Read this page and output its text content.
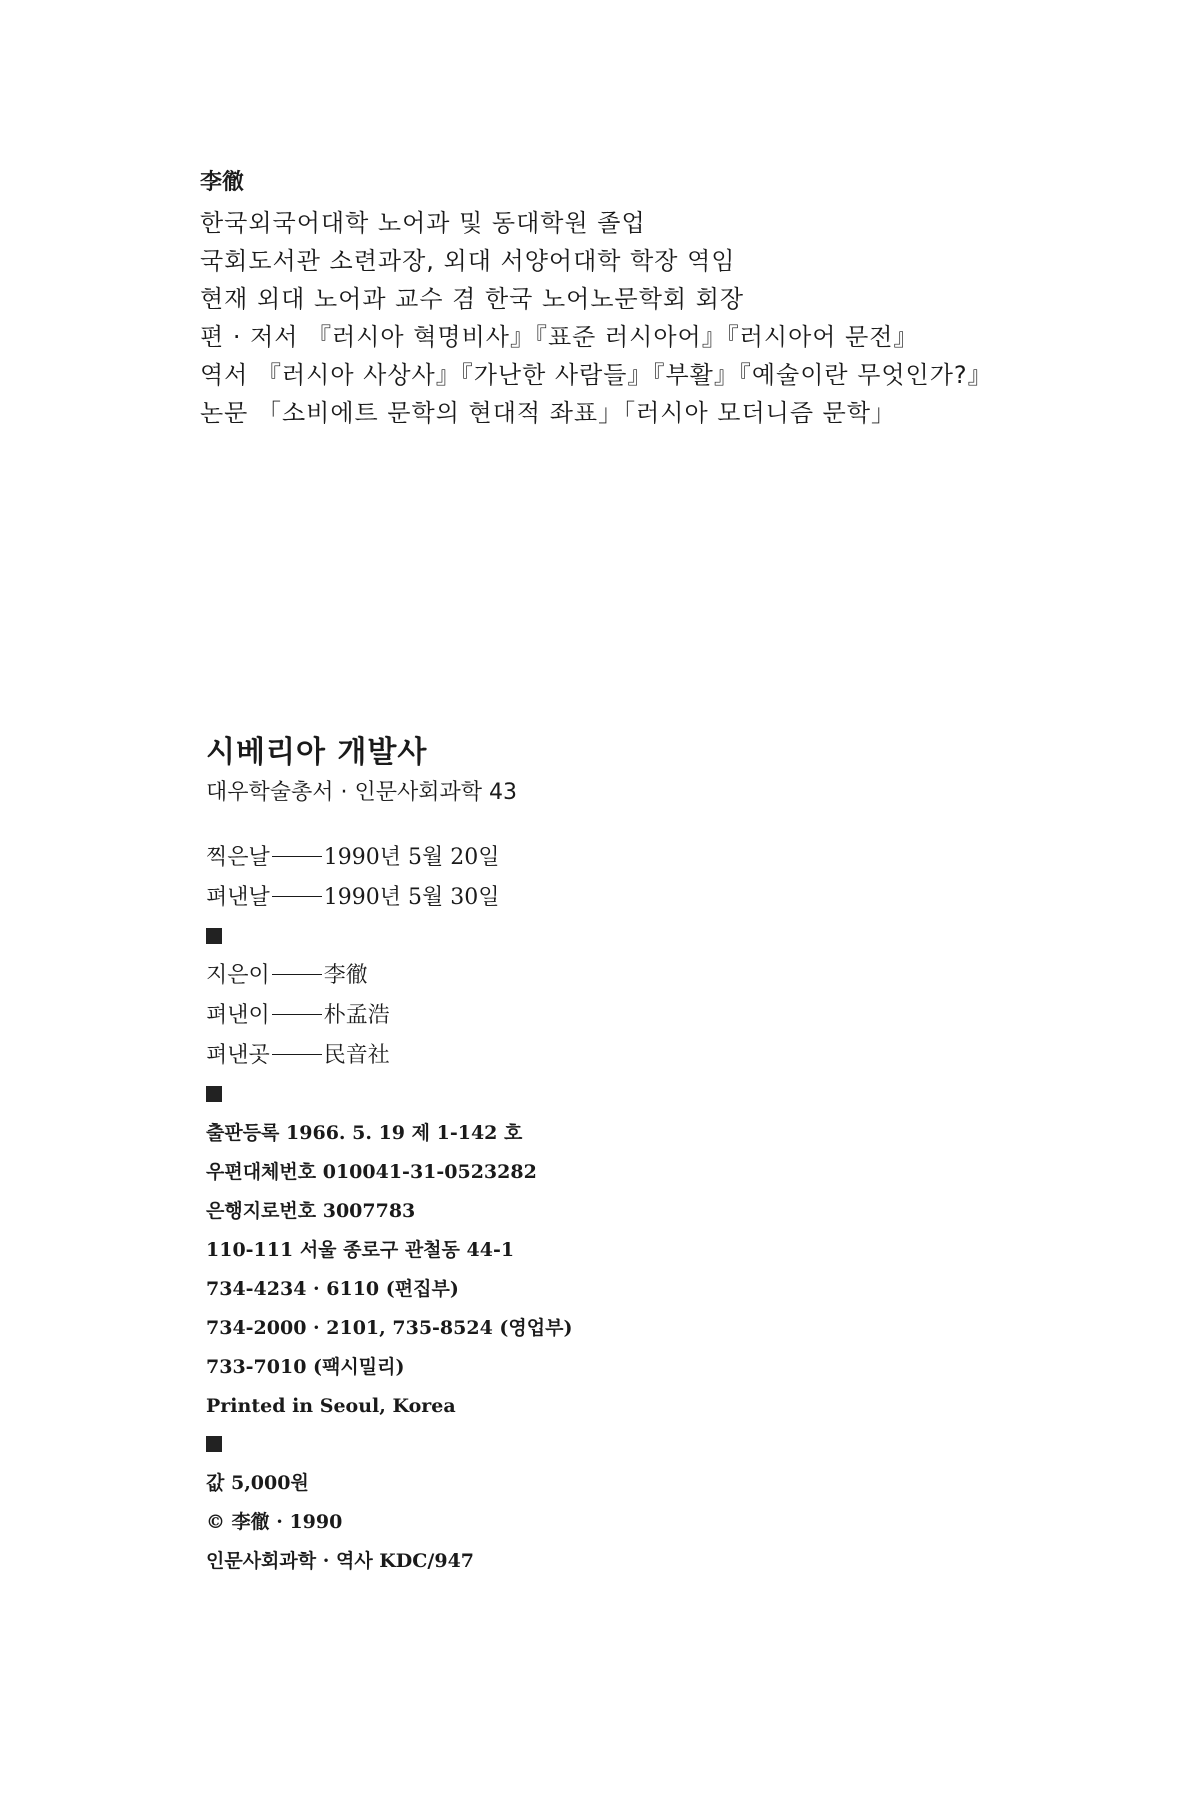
李徹

한국외국어대학 노어과 및 동대학원 졸업

국회도서관 소련과장, 외대 서양어대학 학장 역임

현재 외대 노어과 교수 겸 한국 노어노문학회 회장

편 · 저서 『러시아 혁명비사』『표준 러시아어』『러시아어 문전』

역서 『러시아 사상사』『가난한 사람들』『부활』『예술이란 무엇인가?』

논문 「소비에트 문학의 현대적 좌표」「러시아 모더니즘 문학」

시베리아 개발사

대우학술총서 · 인문사회과학 43

찍은날 1990년 5월 20일

펴낸날 1990년 5월 30일

지은이 李徹

펴낸이 朴孟浩

펴낸곳 民音社

출판등록 1966. 5. 19 제 1-142 호

우편대체번호 010041-31-0523282

은행지로번호 3007783

110-111 서울 종로구 관철동 44-1

734-4234 · 6110 (편집부)

734-2000 · 2101, 735-8524 (영업부)

733-7010 (팩시밀리)

Printed in Seoul, Korea

값 5,000원

© 李徹 · 1990

인문사회과학 · 역사 KDC/947
